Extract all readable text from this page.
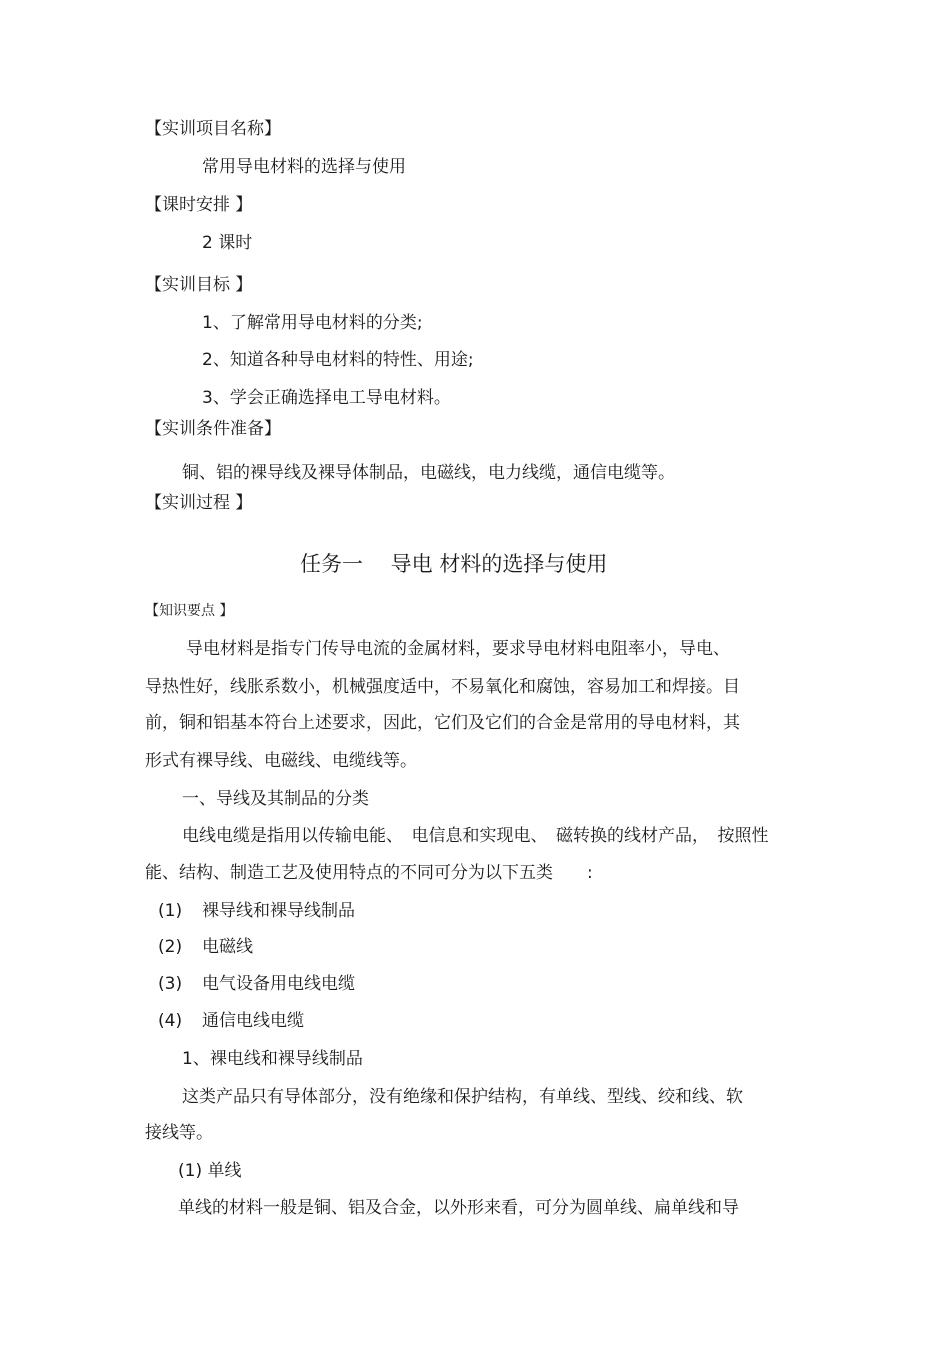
【实训项目名称】
常用导电材料的选择与使用
【课时安排 】
2 课时
【实训目标 】
1、了解常用导电材料的分类;
2、知道各种导电材料的特性、用途;
3、学会正确选择电工导电材料。
【实训条件准备】
铜、铝的裸导线及裸导体制品，电磁线，电力线缆，通信电缆等。
【实训过程 】
任务一 　导电 材料的选择与使用
【知识要点 】
导电材料是指专门传导电流的金属材料，要求导电材料电阻率小，导电、
导热性好，线胀系数小，机械强度适中，不易氧化和腐蚀，容易加工和焊接。目
前，铜和铝基本符台上述要求，因此，它们及它们的合金是常用的导电材料，其
形式有裸导线、电磁线、电缆线等。
一、导线及其制品的分类
电线电缆是指用以传输电能、　电信息和实现电、　磁转换的线材产品，　按照性
能、结构、制造工艺及使用特点的不同可分为以下五类　　:
(1) 裸导线和裸导线制品
(2) 电磁线
(3) 电气设备用电线电缆
(4) 通信电线电缆
1、裸电线和裸导线制品
这类产品只有导体部分，没有绝缘和保护结构，有单线、型线、绞和线、软
接线等。
(1) 单线
单线的材料一般是铜、铝及合金，以外形来看，可分为圆单线、扁单线和导
